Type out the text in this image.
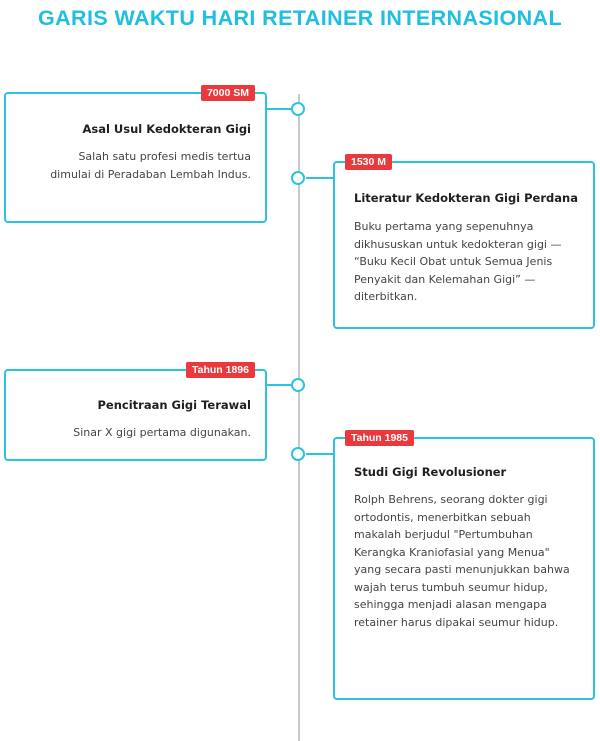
GARIS WAKTU HARI RETAINER INTERNASIONAL
7000 SM
Asal Usul Kedokteran Gigi

Salah satu profesi medis tertua dimulai di Peradaban Lembah Indus.

1530 M
Literatur Kedokteran Gigi Perdana

Buku pertama yang sepenuhnya dikhususkan untuk kedokteran gigi — “Buku Kecil Obat untuk Semua Jenis Penyakit dan Kelemahan Gigi” — diterbitkan.

Tahun 1896
Pencitraan Gigi Terawal

Sinar X gigi pertama digunakan.	Tahun 1985
Studi Gigi Revolusioner

Rolph Behrens, seorang dokter gigi ortodontis, menerbitkan sebuah makalah berjudul "Pertumbuhan Kerangka Kraniofasial yang Menua" yang secara pasti menunjukkan bahwa wajah terus tumbuh seumur hidup, sehingga menjadi alasan mengapa retainer harus dipakai seumur hidup.
